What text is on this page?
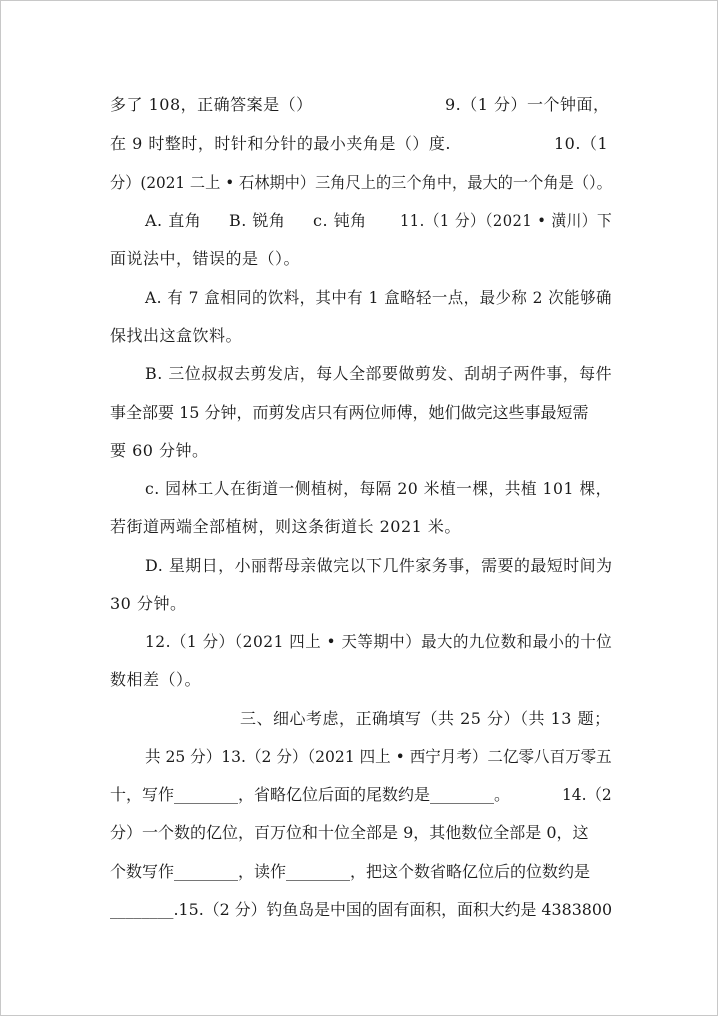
多了 108，正确答案是（）	9.（1 分）一个钟面，
在 9 时整时，时针和分针的最小夹角是（）度.	10.（1
分）(2021 二上 • 石林期中）三角尺上的三个角中，最大的一个角是（）。
A. 直角 B. 锐角 c. 钝角 11.（1 分）（2021 • 潢川）下
面说法中，错误的是（）。
A. 有 7 盒相同的饮料，其中有 1 盒略轻一点，最少称 2 次能够确
保找出这盒饮料。
B. 三位叔叔去剪发店，每人全部要做剪发、刮胡子两件事，每件
事全部要 15 分钟，而剪发店只有两位师傅，她们做完这些事最短需
要 60 分钟。
c. 园林工人在街道一侧植树，每隔 20 米植一棵，共植 101 棵，
若街道两端全部植树，则这条街道长 2021 米。
D. 星期日，小丽帮母亲做完以下几件家务事，需要的最短时间为
30 分钟。
12.（1 分）（2021 四上 • 天等期中）最大的九位数和最小的十位
数相差（）。
三、细心考虑，正确填写（共 25 分）（共 13 题；
共 25 分）13.（2 分）（2021 四上 • 西宁月考）二亿零八百万零五
十，写作________，省略亿位后面的尾数约是________。	14.（2
分）一个数的亿位，百万位和十位全部是 9，其他数位全部是 0，这
个数写作________，读作________，把这个数省略亿位后的位数约是
________.15.（2 分）钓鱼岛是中国的固有面积，面积大约是 4383800
